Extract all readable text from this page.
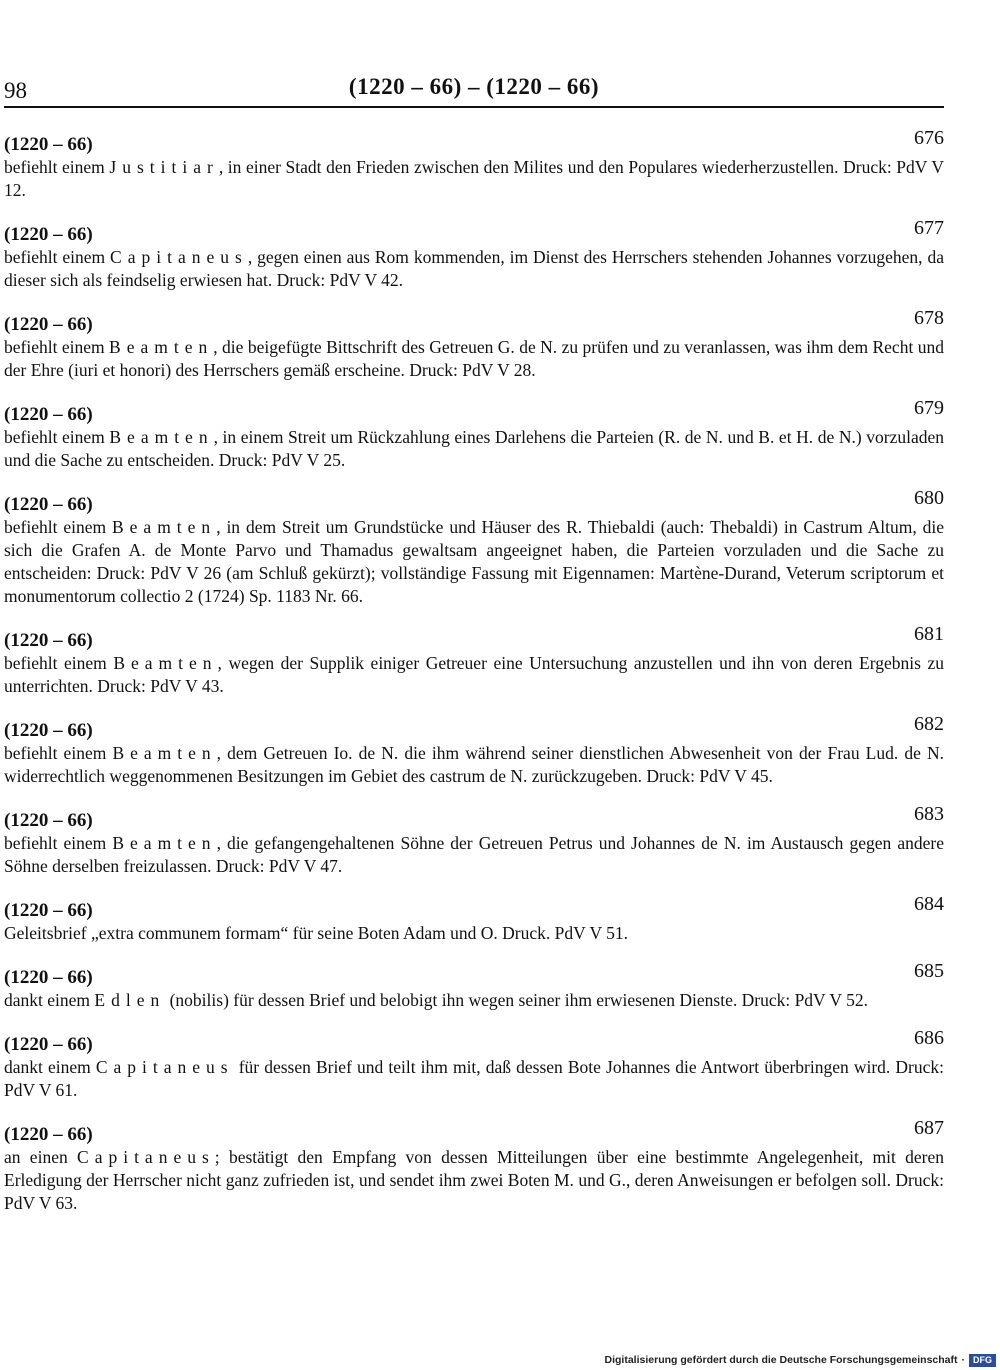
98	(1220 – 66) – (1220 – 66)
(1220 – 66)	676
befiehlt einem Justitiar, in einer Stadt den Frieden zwischen den Milites und den Populares wiederherzustellen. Druck: PdV V 12.
(1220 – 66)	677
befiehlt einem Capitaneus, gegen einen aus Rom kommenden, im Dienst des Herrschers stehenden Johannes vorzugehen, da dieser sich als feindselig erwiesen hat. Druck: PdV V 42.
(1220 – 66)	678
befiehlt einem Beamten, die beigefügte Bittschrift des Getreuen G. de N. zu prüfen und zu veranlassen, was ihm dem Recht und der Ehre (iuri et honori) des Herrschers gemäß erscheine. Druck: PdV V 28.
(1220 – 66)	679
befiehlt einem Beamten, in einem Streit um Rückzahlung eines Darlehens die Parteien (R. de N. und B. et H. de N.) vorzuladen und die Sache zu entscheiden. Druck: PdV V 25.
(1220 – 66)	680
befiehlt einem Beamten, in dem Streit um Grundstücke und Häuser des R. Thiebaldi (auch: Thebaldi) in Castrum Altum, die sich die Grafen A. de Monte Parvo und Thamadus gewaltsam angeeignet haben, die Parteien vorzuladen und die Sache zu entscheiden: Druck: PdV V 26 (am Schluß gekürzt); vollständige Fassung mit Eigennamen: Martène-Durand, Veterum scriptorum et monumentorum collectio 2 (1724) Sp. 1183 Nr. 66.
(1220 – 66)	681
befiehlt einem Beamten, wegen der Supplik einiger Getreuer eine Untersuchung anzustellen und ihn von deren Ergebnis zu unterrichten. Druck: PdV V 43.
(1220 – 66)	682
befiehlt einem Beamten, dem Getreuen Io. de N. die ihm während seiner dienstlichen Abwesenheit von der Frau Lud. de N. widerrechtlich weggenommenen Besitzungen im Gebiet des castrum de N. zurückzugeben. Druck: PdV V 45.
(1220 – 66)	683
befiehlt einem Beamten, die gefangengehaltenen Söhne der Getreuen Petrus und Johannes de N. im Austausch gegen andere Söhne derselben freizulassen. Druck: PdV V 47.
(1220 – 66)	684
Geleitsbrief „extra communem formam“ für seine Boten Adam und O. Druck. PdV V 51.
(1220 – 66)	685
dankt einem Edlen (nobilis) für dessen Brief und belobigt ihn wegen seiner ihm erwiesenen Dienste. Druck: PdV V 52.
(1220 – 66)	686
dankt einem Capitaneus für dessen Brief und teilt ihm mit, daß dessen Bote Johannes die Antwort überbringen wird. Druck: PdV V 61.
(1220 – 66)	687
an einen Capitaneus; bestätigt den Empfang von dessen Mitteilungen über eine bestimmte Angelegenheit, mit deren Erledigung der Herrscher nicht ganz zufrieden ist, und sendet ihm zwei Boten M. und G., deren Anweisungen er befolgen soll. Druck: PdV V 63.
Digitalisierung gefördert durch die Deutsche Forschungsgemeinschaft · DFG
